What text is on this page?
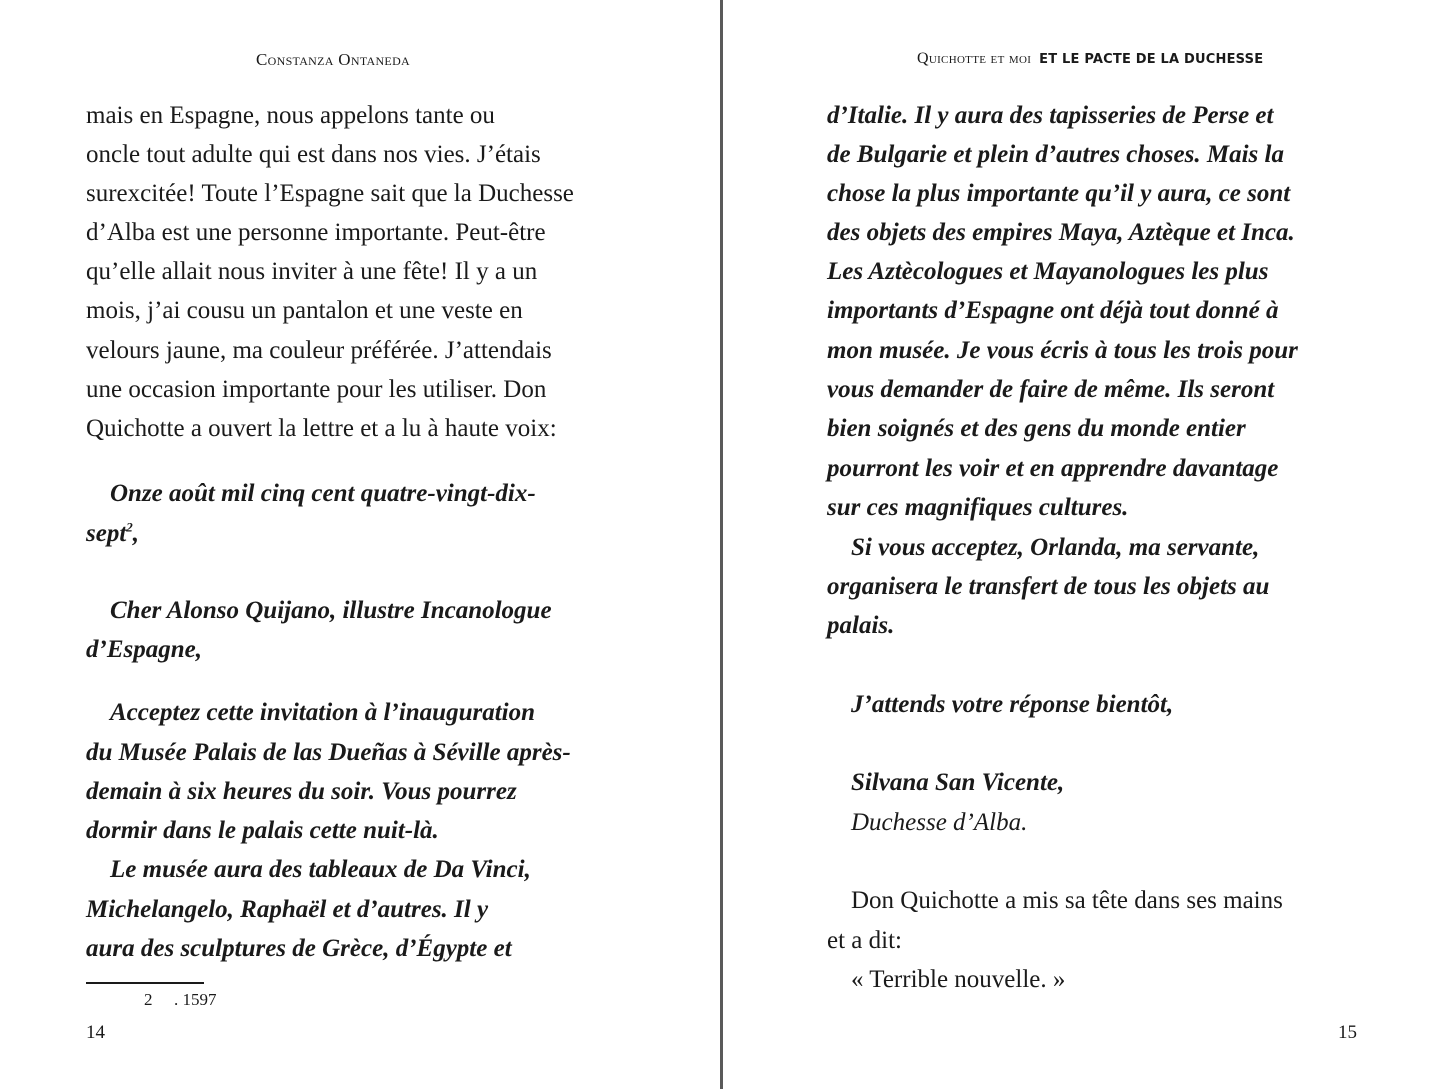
Constanza Ontaneda
mais en Espagne, nous appelons tante ou
oncle tout adulte qui est dans nos vies. J’étais
surexcitée! Toute l’Espagne sait que la Duchesse
d’Alba est une personne importante. Peut-être
qu’elle allait nous inviter à une fête! Il y a un
mois, j’ai cousu un pantalon et une veste en
velours jaune, ma couleur préférée. J’attendais
une occasion importante pour les utiliser. Don
Quichotte a ouvert la lettre et a lu à haute voix:
Onze août mil cinq cent quatre-vingt-dix-
sept$^2$,
Cher Alonso Quijano, illustre Incanologue
d’Espagne,
Acceptez cette invitation à l’inauguration
du Musée Palais de las Dueñas à Séville après-
demain à six heures du soir. Vous pourrez
dormir dans le palais cette nuit-là.
Le musée aura des tableaux de Da Vinci,
Michelangelo, Raphaël et d’autres. Il y
aura des sculptures de Grèce, d’Égypte et
2 . 1597
14
Quichotte et moi ET LE PACTE DE LA DUCHESSE
d’Italie. Il y aura des tapisseries de Perse et
de Bulgarie et plein d’autres choses. Mais la
chose la plus importante qu’il y aura, ce sont
des objets des empires Maya, Aztèque et Inca.
Les Aztècologues et Mayanologues les plus
importants d’Espagne ont déjà tout donné à
mon musée. Je vous écris à tous les trois pour
vous demander de faire de même. Ils seront
bien soignés et des gens du monde entier
pourront les voir et en apprendre davantage
sur ces magnifiques cultures.
Si vous acceptez, Orlanda, ma servante,
organisera le transfert de tous les objets au
palais.
J’attends votre réponse bientôt,
Silvana San Vicente,
Duchesse d’Alba.
Don Quichotte a mis sa tête dans ses mains
et a dit:
« Terrible nouvelle. »
15
